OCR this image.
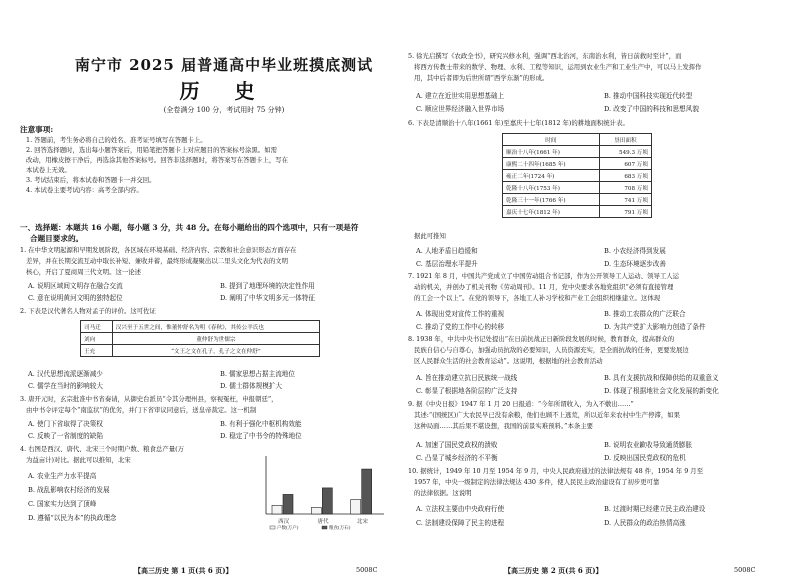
南宁市 2025 届普通高中毕业班摸底测试
历 史
(全卷满分 100 分，考试用时 75 分钟)
注意事项:
1. 答题前，考生务必将自己的姓名、准考证号填写在答题卡上。
2. 回答选择题时，选出每小题答案后，用铅笔把答题卡上对应题目的答案标号涂黑。如需
改动，用橡皮擦干净后，再选涂其他答案标号。回答非选择题时，将答案写在答题卡上，写在
本试卷上无效。
3. 考试结束后，将本试卷和答题卡一并交回。
4. 本试卷主要考试内容：高考全部内容。
一、选择题：本题共 16 小题，每小题 3 分，共 48 分。在每小题给出的四个选项中，只有一项是符
合题目要求的。
1. 在中华文明起源和早期发展阶段，各区域在环境基础、经济内容、宗教和社会意识形态方面存在
差异，并在长期交流互动中取长补短、兼收并蓄，最终形成凝聚出以二里头文化为代表的文明
核心，开启了夏商周三代文明。这一论述
A. 说明区域间文明存在融合交流	B. 提到了地理环境的决定性作用
C. 意在说明黄河文明的独特起位	D. 阐明了中华文明多元一体特征
2. 下表是汉代著名人物对孟子的评价。这可佐证
司马迁	汉兴至于五世之间，惟董仲舒名为明《春秋》，其传公羊氏也
刘向	董仲舒为世儒宗
王充	“文王之文在孔子，孔子之文在仲舒”
A. 汉代思想流派逐渐减少	B. 儒家思想占据主流地位
C. 儒学在当时的影响较大	D. 儒士群体规模扩大
3. 唐开元时，玄宗批准中书省奏请，从御史台派员“令其分理州县，察视冤枉，申报朝廷”，
由中书令评定每个“南监状”的优劣，并门下省审议同意后，送皇帝裁定。这一机制
A. 使门下省取得了决策权	B. 有利于强化中枢机构效能
C. 反映了一省制度的缺陷	D. 稳定了中书令的特殊地位
4. 右图是西汉、唐代、北宋三个时期户数、粮食总产量(万
为益亩计)对比。据此可以推知，北宋
A. 农业生产力水平提高
B. 战乱影响农村经济的发展
C. 国家实力达到了顶峰
D. 遵循“以民为本”的执政理念	西汉	唐代	北宋
户数(万户)	粮食(万石)
【高三历史 第 1 页(共 6 页)】	5008C
5. 徐光启撰写《农政全书》，研究兴修水利，强调“西北治河，东南治水利，皆日前救时至计”，而
将西方传教士带来的数学、物理、水利、工程等知识，运用到农业生产和工业生产中，可以马上发挥作
用，其中后者即为后世所谓“西学东渐”的形成。
A. 建立在近世实用思想基础上	B. 推动中国科技实现近代转型
C. 顺应世界经济融入世界市场	D. 改变了中国的科技和思想风貌
6. 下表是清顺治十八年(1661 年)至嘉庆十七年(1812 年)的耕地面积统计表。
时间	垦田面积
顺治十八年(1661 年)	549.3 万顷
康熙二十四年(1685 年)	607 万顷
雍正二年(1724 年)	683 万顷
乾隆十八年(1753 年)	708 万顷
乾隆三十一年(1766 年)	741 万顷
嘉庆十七年(1812 年)	791 万顷
据此可推知
A. 人地矛盾日趋缓和	B. 小农经济得到发展
C. 基层治理水平提升	D. 生态环境逐步改善
7. 1921 年 8 月，中国共产党成立了中国劳动组合书记部，作为公开领导工人运动、领导工人运
动的机关，并创办了机关刊物《劳动周刊》。11 月，党中央要求各地党组织“必须有直接管理
的工会一个以上”。在党的领导下，各地工人补习学校和产业工会组织相继建立。这体现
A. 体现出党对宣传工作的重视	B. 推动工农群众的广泛联合
C. 推动了党的工作中心的转移	D. 为共产党扩大影响力创造了条件
8. 1938 年，中共中央书记处提出“在日前抗战正日新阶段发展的时候，教育群众，提高群众的
民族自信心与自尊心，加强动员抗敌的必要知识，人员资源充实，是全面抗战的任务，更要发展边
区人民群众生活的社会教育运动”。这说明，根据地的社会教育活动
A. 旨在推动建立抗日民族统一战线	B. 具有支援抗战和保障供给的双重意义
C. 彰显了根据地各阶层的广泛支持	D. 体现了根据地社会文化发展的新变化
9. 据《中央日报》1947 年 1 月 20 日报道：“今年所谓收入，为入不敷出……”
其述:“(国统区)广大农民早已没有余粮，他们也顾不上逃荒，所以近年来农村中生产停滞，如果
这种局面……其后果不堪设想，我国的前景实难预料。”本条主要
A. 加速了国民党政权的溃败	B. 说明农业歉收导致通货膨胀
C. 凸显了城乡经济的不平衡	D. 反映出国民党政权的危机
10. 据统计，1949 年 10 月至 1954 年 9 月，中央人民政府通过的法律法规有 48 件，1954 年 9 月至
1957 年，中央一级制定的法律法规达 430 多件，使人民民主政治建设有了初步更可靠
的法律依据。这说明
A. 立法权主要由中央政府行使	B. 过渡时期已经建立民主政治建设
C. 法制建设保障了民主的进程	D. 人民群众的政治热情高涨
【高三历史 第 2 页(共 6 页)】	5008C
